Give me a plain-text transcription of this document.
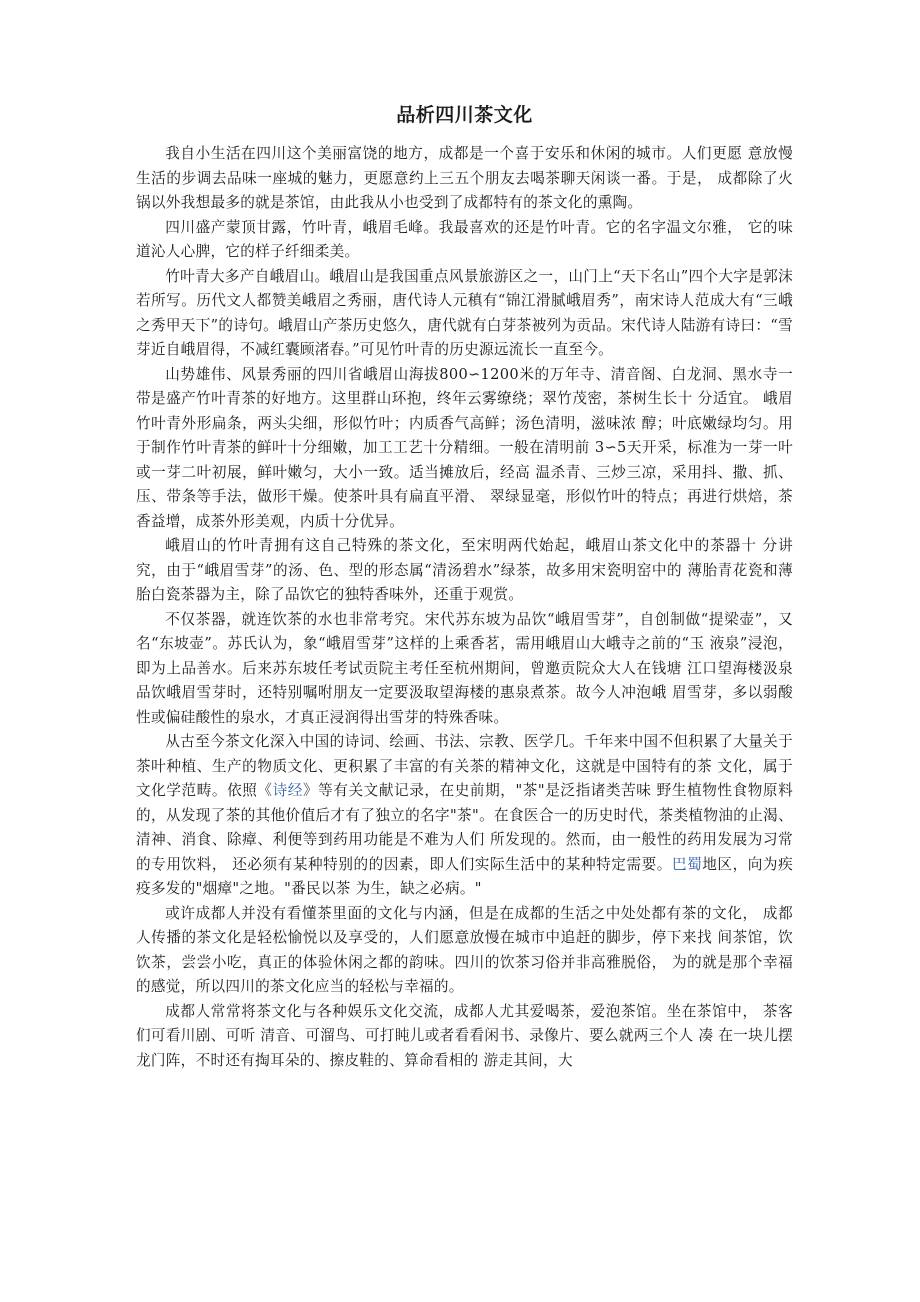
品析四川茶文化

我自小生活在四川这个美丽富饶的地方，成都是一个喜于安乐和休闲的城市。人们更愿 意放慢生活的步调去品味一座城的魅力，更愿意约上三五个朋友去喝茶聊天闲谈一番。于是， 成都除了火锅以外我想最多的就是茶馆，由此我从小也受到了成都特有的茶文化的熏陶。

四川盛产蒙顶甘露，竹叶青，峨眉毛峰。我最喜欢的还是竹叶青。它的名字温文尔雅， 它的味道沁人心脾，它的样子纤细柔美。

竹叶青大多产自峨眉山。峨眉山是我国重点风景旅游区之一，山门上“天下名山”四个大字是郭沫若所写。历代文人都赞美峨眉之秀丽，唐代诗人元稹有“锦江滑腻峨眉秀”，南宋诗人范成大有“三峨之秀甲天下”的诗句。峨眉山产茶历史悠久，唐代就有白芽茶被列为贡品。宋代诗人陆游有诗曰：“雪芽近自峨眉得，不减红囊顾渚春。”可见竹叶青的历史源远流长一直至今。

山势雄伟、风景秀丽的四川省峨眉山海拔800∽1200米的万年寺、清音阁、白龙洞、黑水寺一带是盛产竹叶青茶的好地方。这里群山环抱，终年云雾缭绕；翠竹茂密，茶树生长十 分适宜。 峨眉竹叶青外形扁条，两头尖细，形似竹叶；内质香气高鲜；汤色清明，滋味浓 醇；叶底嫩绿均匀。用于制作竹叶青茶的鲜叶十分细嫩，加工工艺十分精细。一般在清明前 3∽5天开采，标准为一芽一叶或一芽二叶初展，鲜叶嫩匀，大小一致。适当摊放后，经高 温杀青、三炒三凉，采用抖、撒、抓、压、带条等手法，做形干燥。使茶叶具有扁直平滑、 翠绿显毫，形似竹叶的特点；再进行烘焙，茶香益增，成茶外形美观，内质十分优异。

峨眉山的竹叶青拥有这自己特殊的茶文化，至宋明两代始起，峨眉山茶文化中的茶器十 分讲究，由于“峨眉雪芽”的汤、色、型的形态属“清汤碧水”绿茶，故多用宋瓷明窑中的 薄胎青花瓷和薄胎白瓷茶器为主，除了品饮它的独特香味外，还重于观赏。

不仅茶器，就连饮茶的水也非常考究。宋代苏东坡为品饮“峨眉雪芽”，自创制做“提梁壶”，又名“东坡壶”。苏氏认为，象“峨眉雪芽”这样的上乘香茗，需用峨眉山大峨寺之前的“玉 液泉”浸泡，即为上品善水。后来苏东坡任考试贡院主考任至杭州期间，曾邀贡院众大人在钱塘 江口望海楼汲泉品饮峨眉雪芽时，还特别嘱咐朋友一定要汲取望海楼的惠泉煮茶。故今人冲泡峨 眉雪芽，多以弱酸性或偏硅酸性的泉水，才真正浸润得出雪芽的特殊香味。

从古至今茶文化深入中国的诗词、绘画、书法、宗教、医学几。千年来中国不但积累了大量关于茶叶种植、生产的物质文化、更积累了丰富的有关茶的精神文化，这就是中国特有的茶 文化，属于文化学范畴。依照《诗经》等有关文献记录，在史前期，"茶"是泛指诸类苦味 野生植物性食物原料的，从发现了茶的其他价值后才有了独立的名字"茶"。在食医合一的历史时代，茶类植物油的止渴、清神、消食、除瘴、利便等到药用功能是不难为人们 所发现的。然而，由一般性的药用发展为习常的专用饮料， 还必须有某种特别的的因素，即人们实际生活中的某种特定需要。巴蜀地区，向为疾疫多发的"烟瘴"之地。"番民以茶 为生，缺之必病。"

或许成都人并没有看懂茶里面的文化与内涵，但是在成都的生活之中处处都有茶的文化， 成都人传播的茶文化是轻松愉悦以及享受的，人们愿意放慢在城市中追赶的脚步，停下来找 间茶馆，饮饮茶，尝尝小吃，真正的体验休闲之都的韵味。四川的饮茶习俗并非高雅脱俗， 为的就是那个幸福的感觉，所以四川的茶文化应当的轻松与幸福的。

成都人常常将茶文化与各种娱乐文化交流，成都人尤其爱喝茶，爱泡茶馆。坐在茶馆中， 茶客们可看川剧、可听 清音、可溜鸟、可打盹儿或者看看闲书、录像片、要么就两三个人 凑 在一块儿摆龙门阵，不时还有掏耳朵的、擦皮鞋的、算命看相的 游走其间，大
